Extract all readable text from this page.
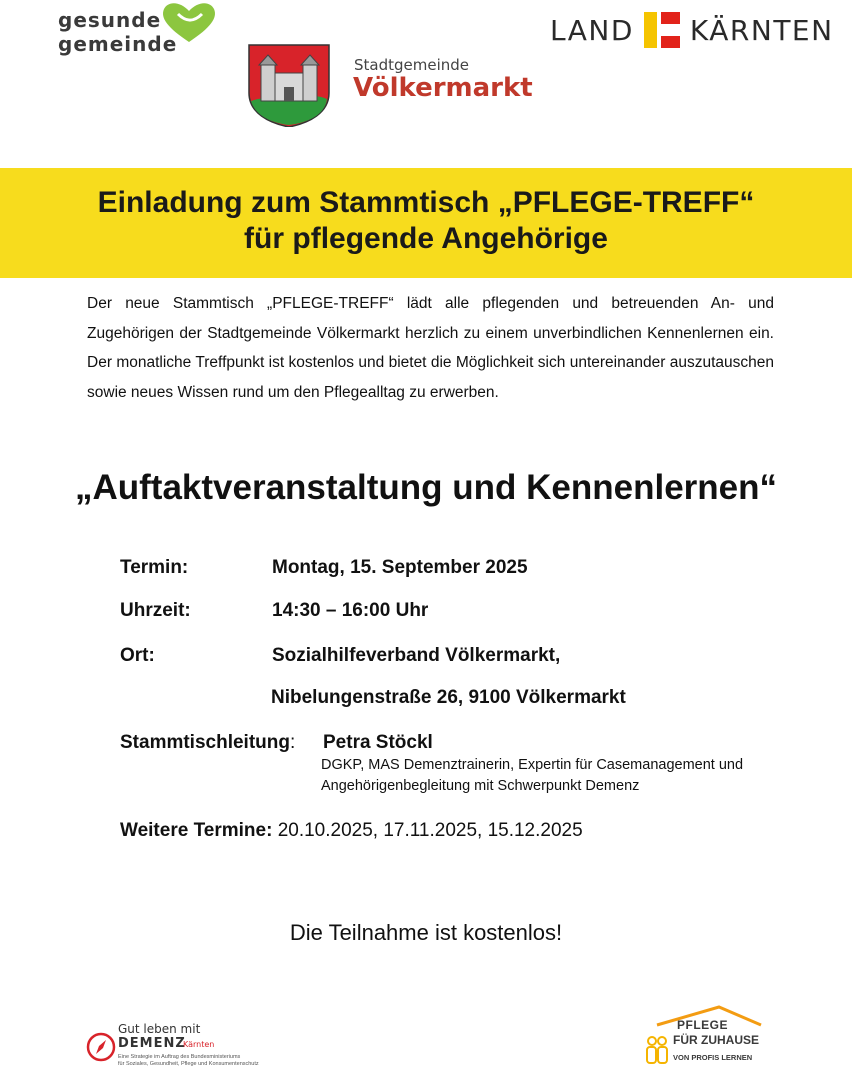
gesunde
gemeinde	LAND KÄRNTEN
Stadtgemeinde
Völkermarkt
Einladung zum Stammtisch „PFLEGE-TREFF“
für pflegende Angehörige
Der neue Stammtisch „PFLEGE-TREFF“ lädt alle pflegenden und betreuenden An- und Zugehörigen der Stadtgemeinde Völkermarkt herzlich zu einem unverbindlichen Kennenlernen ein. Der monatliche Treffpunkt ist kostenlos und bietet die Möglichkeit sich untereinander auszutauschen sowie neues Wissen rund um den Pflegealltag zu erwerben.
„Auftaktveranstaltung und Kennenlernen“
Termin:	Montag, 15. September 2025
Uhrzeit:	14:30 – 16:00 Uhr
Ort:	Sozialhilfeverband Völkermarkt,
Nibelungenstraße 26, 9100 Völkermarkt
Stammtischleitung: Petra Stöckl
DGKP, MAS Demenztrainerin, Expertin für Casemanagement und
Angehörigenbegleitung mit Schwerpunkt Demenz
Weitere Termine: 20.10.2025, 17.11.2025, 15.12.2025
Die Teilnahme ist kostenlos!
Gut leben mit
DEMENZ
Kärnten
Eine Strategie im Auftrag des Bundesministeriums
für Soziales, Gesundheit, Pflege und Konsumentenschutz
PFLEGE
FÜR ZUHAUSE
VON PROFIS LERNEN
